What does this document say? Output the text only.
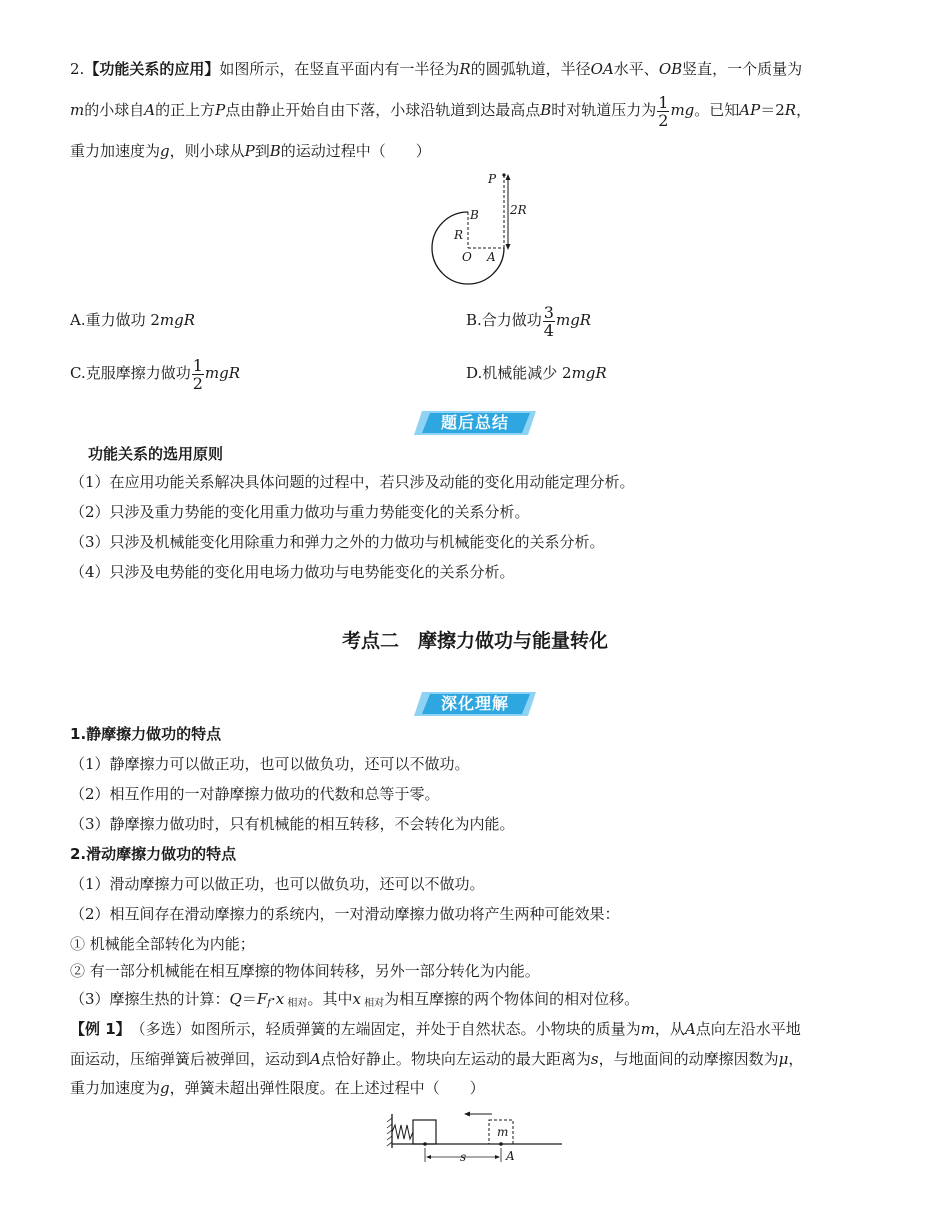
2.【功能关系的应用】如图所示，在竖直平面内有一半径为R的圆弧轨道，半径OA水平、OB竖直，一个质量为
m的小球自A的正上方P点由静止开始自由下落，小球沿轨道到达最高点B时对轨道压力为 $\frac{1}{2}$ mg。已知AP＝2R，
重力加速度为g，则小球从P到B的运动过程中（　　）
P
B
R
2R
O A
A.重力做功 2mgR	B.合力做功 $\frac{3}{4}$ mgR
C.克服摩擦力做功 $\frac{1}{2}$ mgR	D.机械能减少 2mgR
题后总结
功能关系的选用原则
（1）在应用功能关系解决具体问题的过程中，若只涉及动能的变化用动能定理分析。
（2）只涉及重力势能的变化用重力做功与重力势能变化的关系分析。
（3）只涉及机械能变化用除重力和弹力之外的力做功与机械能变化的关系分析。
（4）只涉及电势能的变化用电场力做功与电势能变化的关系分析。
考点二　摩擦力做功与能量转化
深化理解
1.静摩擦力做功的特点
（1）静摩擦力可以做正功，也可以做负功，还可以不做功。
（2）相互作用的一对静摩擦力做功的代数和总等于零。
（3）静摩擦力做功时，只有机械能的相互转移，不会转化为内能。
2.滑动摩擦力做功的特点
（1）滑动摩擦力可以做正功，也可以做负功，还可以不做功。
（2）相互间存在滑动摩擦力的系统内，一对滑动摩擦力做功将产生两种可能效果：
① 机械能全部转化为内能；
② 有一部分机械能在相互摩擦的物体间转移，另外一部分转化为内能。
（3）摩擦生热的计算：$Q=F_f\cdot x$ $_{相对}$。其中x $_{相对}$为相互摩擦的两个物体间的相对位移。
【例 1】　（多选）如图所示，轻质弹簧的左端固定，并处于自然状态。小物块的质量为m，从A点向左沿水平地
面运动，压缩弹簧后被弹回，运动到A点恰好静止。物块向左运动的最大距离为s，与地面间的动摩擦因数为μ，
重力加速度为g，弹簧未超出弹性限度。在上述过程中（　　）
m
s	A
